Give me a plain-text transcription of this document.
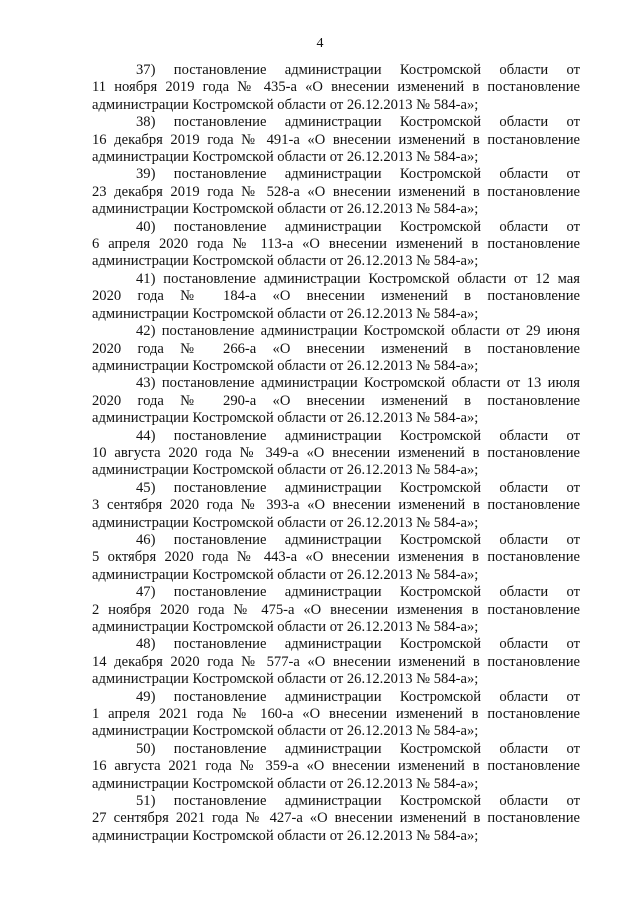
4
37) постановление администрации Костромской области от
11 ноября 2019 года № 435-а «О внесении изменений в постановление
администрации Костромской области от 26.12.2013 № 584-а»;
38) постановление администрации Костромской области от
16 декабря 2019 года № 491-а «О внесении изменений в постановление
администрации Костромской области от 26.12.2013 № 584-а»;
39) постановление администрации Костромской области от
23 декабря 2019 года № 528-а «О внесении изменений в постановление
администрации Костромской области от 26.12.2013 № 584-а»;
40) постановление администрации Костромской области от
6 апреля 2020 года № 113-а «О внесении изменений в постановление
администрации Костромской области от 26.12.2013 № 584-а»;
41) постановление администрации Костромской области от 12 мая
2020 года № 184-а «О внесении изменений в постановление
администрации Костромской области от 26.12.2013 № 584-а»;
42) постановление администрации Костромской области от 29 июня
2020 года № 266-а «О внесении изменений в постановление
администрации Костромской области от 26.12.2013 № 584-а»;
43) постановление администрации Костромской области от 13 июля
2020 года № 290-а «О внесении изменений в постановление
администрации Костромской области от 26.12.2013 № 584-а»;
44) постановление администрации Костромской области от
10 августа 2020 года № 349-а «О внесении изменений в постановление
администрации Костромской области от 26.12.2013 № 584-а»;
45) постановление администрации Костромской области от
3 сентября 2020 года № 393-а «О внесении изменений в постановление
администрации Костромской области от 26.12.2013 № 584-а»;
46) постановление администрации Костромской области от
5 октября 2020 года № 443-а «О внесении изменения в постановление
администрации Костромской области от 26.12.2013 № 584-а»;
47) постановление администрации Костромской области от
2 ноября 2020 года № 475-а «О внесении изменения в постановление
администрации Костромской области от 26.12.2013 № 584-а»;
48) постановление администрации Костромской области от
14 декабря 2020 года № 577-а «О внесении изменений в постановление
администрации Костромской области от 26.12.2013 № 584-а»;
49) постановление администрации Костромской области от
1 апреля 2021 года № 160-а «О внесении изменений в постановление
администрации Костромской области от 26.12.2013 № 584-а»;
50) постановление администрации Костромской области от
16 августа 2021 года № 359-а «О внесении изменений в постановление
администрации Костромской области от 26.12.2013 № 584-а»;
51) постановление администрации Костромской области от
27 сентября 2021 года № 427-а «О внесении изменений в постановление
администрации Костромской области от 26.12.2013 № 584-а»;
